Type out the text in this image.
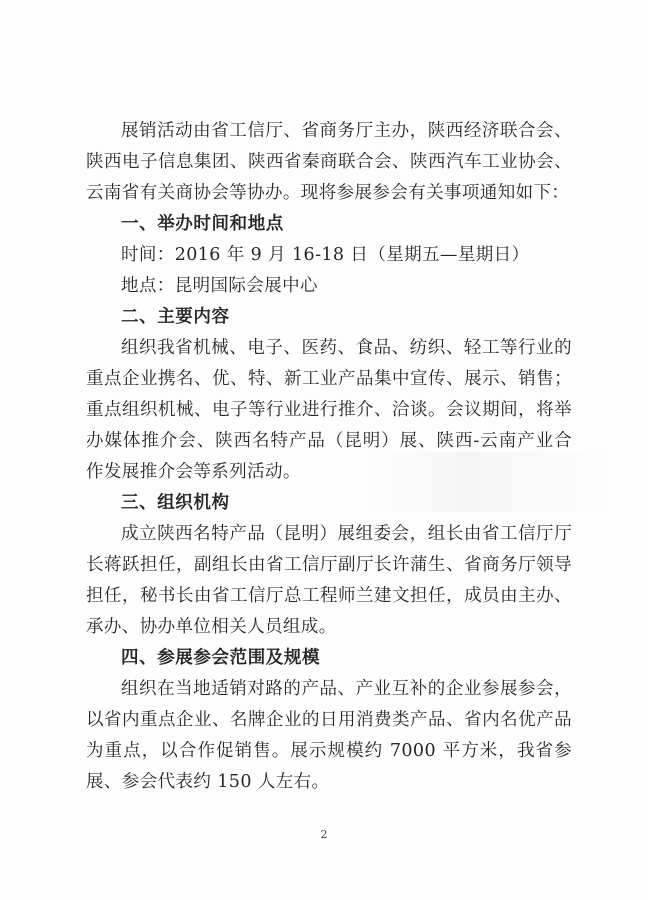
展销活动由省工信厅、省商务厅主办，陕西经济联合会、陕西电子信息集团、陕西省秦商联合会、陕西汽车工业协会、云南省有关商协会等协办。现将参展参会有关事项通知如下：

一、举办时间和地点

时间：2016 年 9 月 16-18 日（星期五—星期日）

地点：昆明国际会展中心

二、主要内容

组织我省机械、电子、医药、食品、纺织、轻工等行业的重点企业携名、优、特、新工业产品集中宣传、展示、销售；重点组织机械、电子等行业进行推介、洽谈。会议期间，将举办媒体推介会、陕西名特产品（昆明）展、陕西-云南产业合作发展推介会等系列活动。

三、组织机构

成立陕西名特产品（昆明）展组委会，组长由省工信厅厅长蒋跃担任，副组长由省工信厅副厅长许蒲生、省商务厅领导担任，秘书长由省工信厅总工程师兰建文担任，成员由主办、承办、协办单位相关人员组成。

四、参展参会范围及规模

组织在当地适销对路的产品、产业互补的企业参展参会，以省内重点企业、名牌企业的日用消费类产品、省内名优产品为重点，以合作促销售。展示规模约 7000 平方米，我省参展、参会代表约 150 人左右。

2
